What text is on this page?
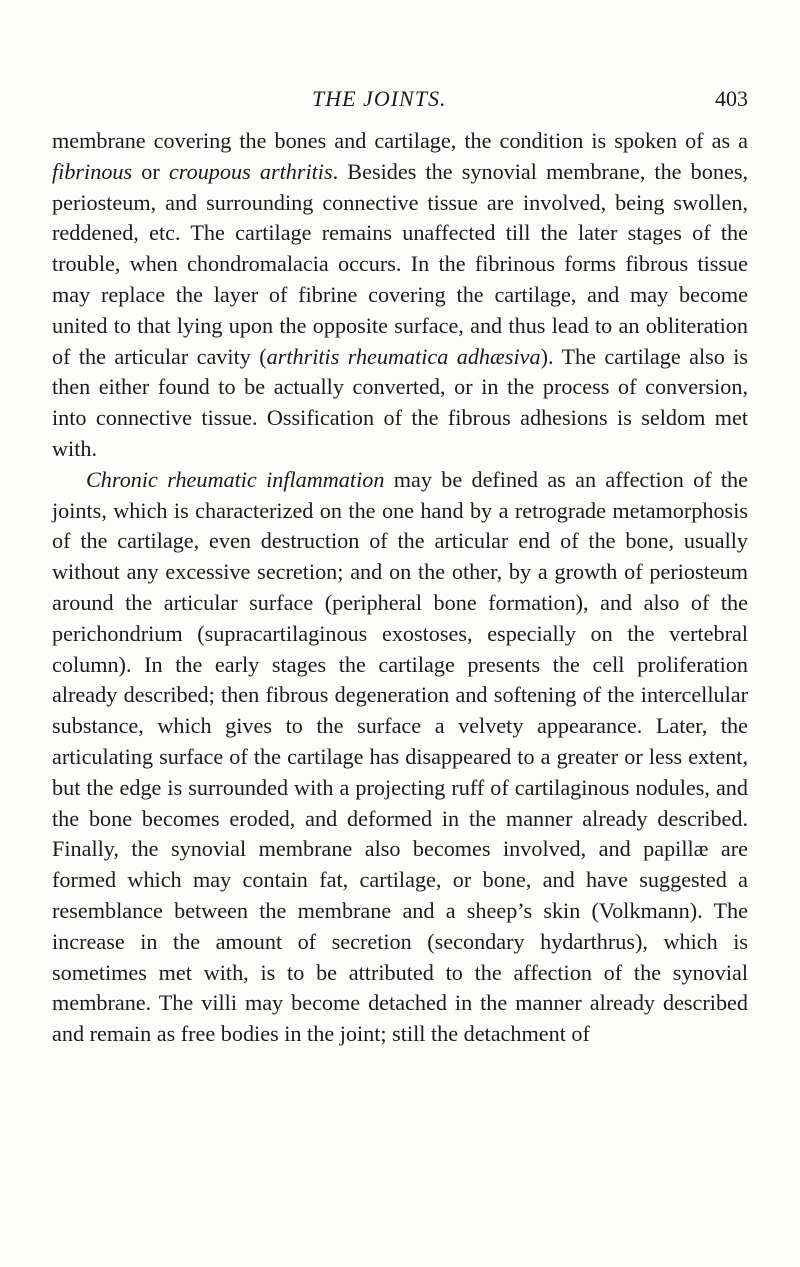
THE JOINTS.	403

membrane covering the bones and cartilage, the condition is spoken of as a fibrinous or croupous arthritis. Besides the synovial membrane, the bones, periosteum, and surrounding connective tissue are involved, being swollen, reddened, etc. The cartilage remains unaffected till the later stages of the trouble, when chondromalacia occurs. In the fibrinous forms fibrous tissue may replace the layer of fibrine covering the cartilage, and may become united to that lying upon the opposite surface, and thus lead to an obliteration of the articular cavity (arthritis rheumatica adhæsiva). The cartilage also is then either found to be actually converted, or in the process of conversion, into connective tissue. Ossification of the fibrous adhesions is seldom met with.

Chronic rheumatic inflammation may be defined as an affection of the joints, which is characterized on the one hand by a retrograde metamorphosis of the cartilage, even destruction of the articular end of the bone, usually without any excessive secretion; and on the other, by a growth of periosteum around the articular surface (peripheral bone formation), and also of the perichondrium (supracartilaginous exostoses, especially on the vertebral column). In the early stages the cartilage presents the cell proliferation already described; then fibrous degeneration and softening of the intercellular substance, which gives to the surface a velvety appearance. Later, the articulating surface of the cartilage has disappeared to a greater or less extent, but the edge is surrounded with a projecting ruff of cartilaginous nodules, and the bone becomes eroded, and deformed in the manner already described. Finally, the synovial membrane also becomes involved, and papillæ are formed which may contain fat, cartilage, or bone, and have suggested a resemblance between the membrane and a sheep’s skin (Volkmann). The increase in the amount of secretion (secondary hydarthrus), which is sometimes met with, is to be attributed to the affection of the synovial membrane. The villi may become detached in the manner already described and remain as free bodies in the joint; still the detachment of
